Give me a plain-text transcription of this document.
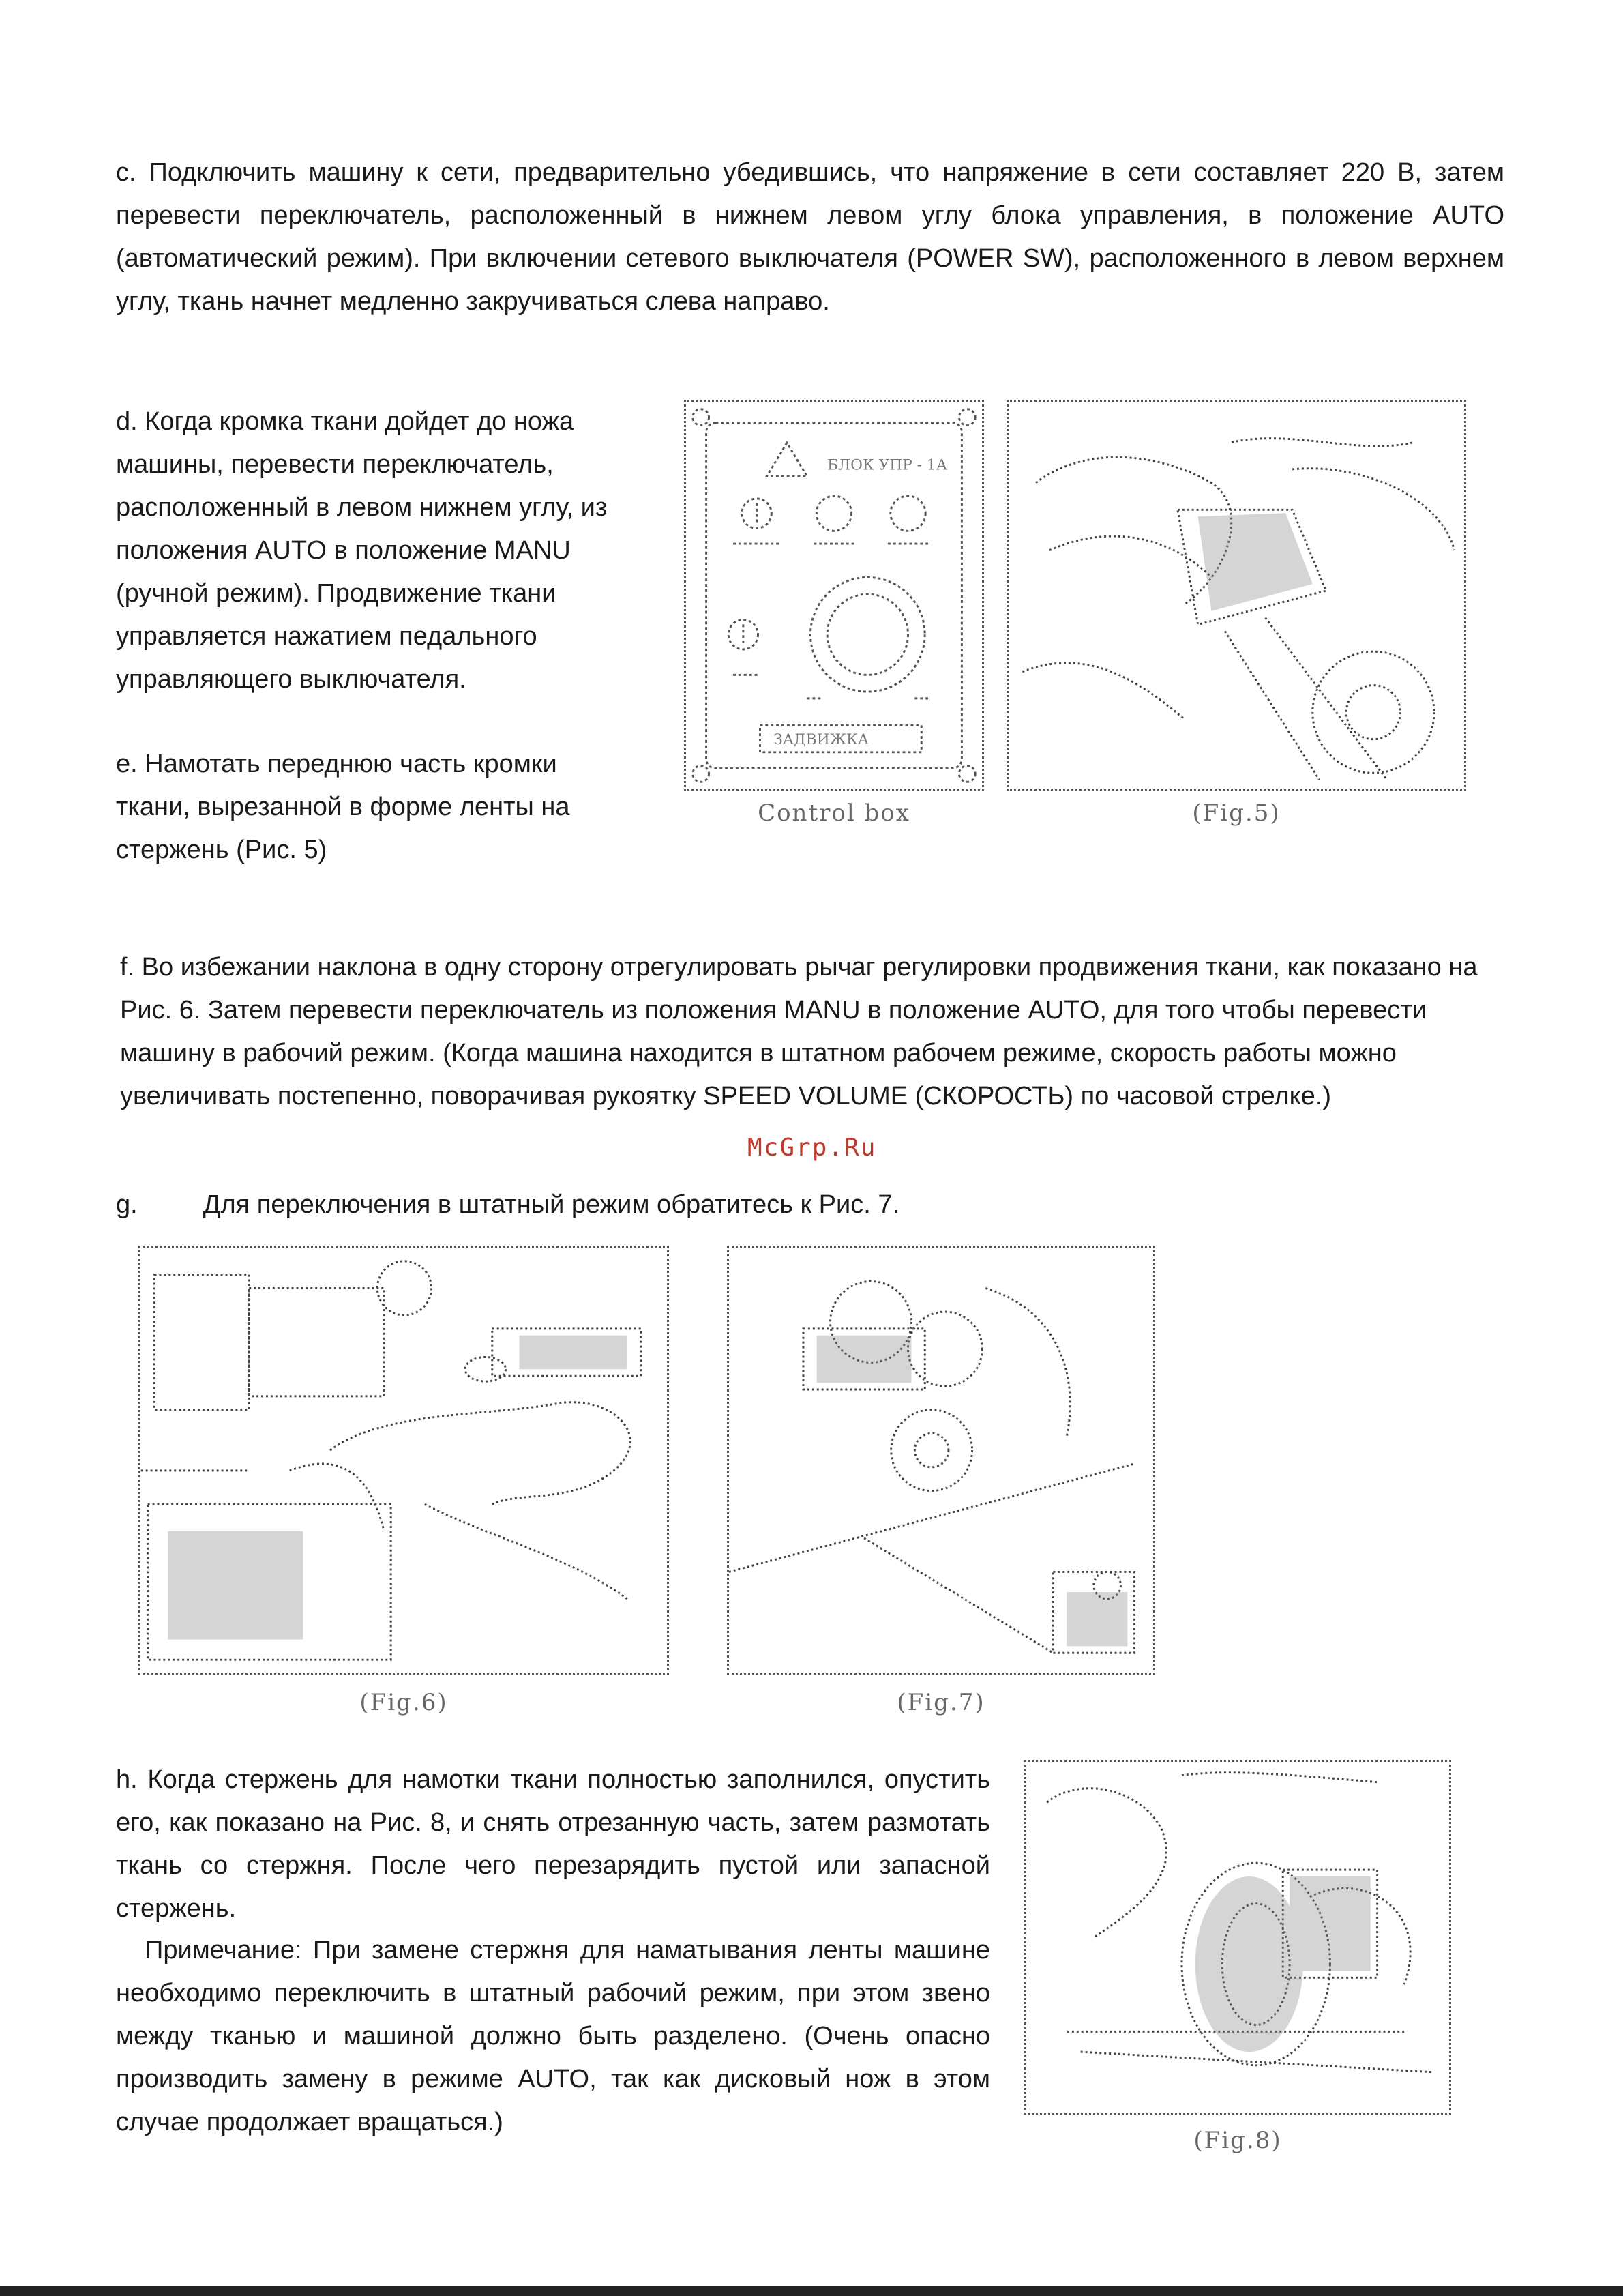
c. Подключить машину к сети, предварительно убедившись, что напряжение в сети составляет 220 В, затем перевести переключатель, расположенный в нижнем левом углу блока управления, в положение AUTO (автоматический режим). При включении сетевого выключателя (POWER SW), расположенного в левом верхнем углу, ткань начнет медленно закручиваться слева направо.

d. Когда кромка ткани дойдет до ножа машины, перевести переключатель, расположенный в левом нижнем углу, из положения AUTO в положение MANU (ручной режим). Продвижение ткани управляется нажатием педального управляющего выключателя.

e. Намотать переднюю часть кромки ткани, вырезанной в форме ленты на стержень (Рис. 5)

БЛОК УПР - 1А
ЗАДВИЖКА
Control box	(Fig.5)

f. Во избежании наклона в одну сторону отрегулировать рычаг регулировки продвижения ткани, как показано на Рис. 6. Затем перевести переключатель из положения MANU в положение AUTO, для того чтобы перевести машину в рабочий режим. (Когда машина находится в штатном рабочем режиме, скорость работы можно увеличивать постепенно, поворачивая рукоятку SPEED VOLUME (СКОРОСТЬ) по часовой стрелке.)

McGrp.Ru

g.	Для переключения в штатный режим обратитесь к Рис. 7.

(Fig.6)	(Fig.7)

h. Когда стержень для намотки ткани полностью заполнился, опустить его, как показано на Рис. 8, и снять отрезанную часть, затем размотать ткань со стержня. После чего перезарядить пустой или запасной стержень.

Примечание: При замене стержня для наматывания ленты машине необходимо переключить в штатный рабочий режим, при этом звено между тканью и машиной должно быть разделено. (Очень опасно производить замену в режиме AUTO, так как дисковый нож в этом случае продолжает вращаться.)

(Fig.8)
